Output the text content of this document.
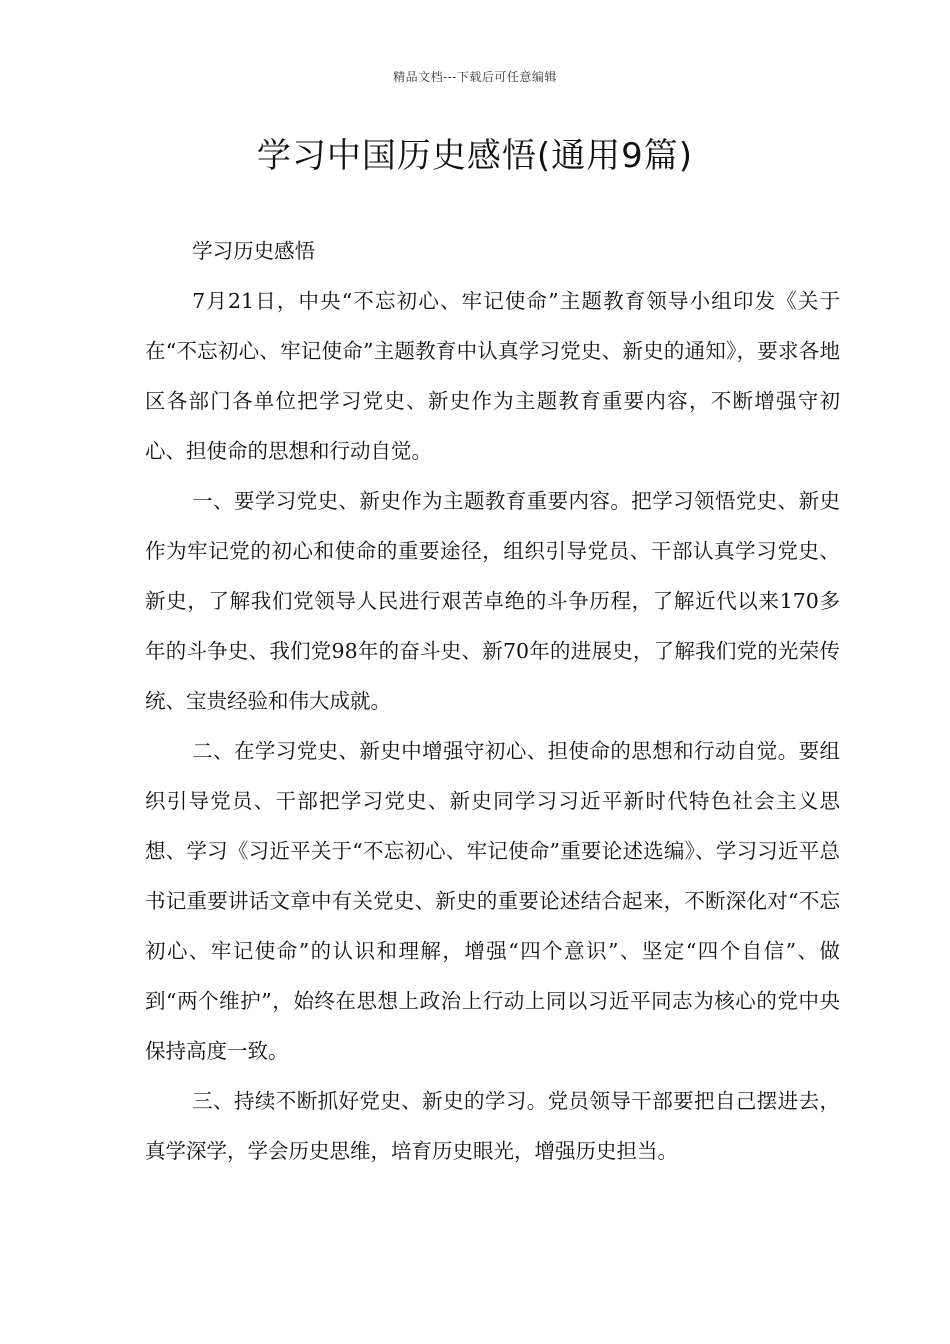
精品文档---下载后可任意编辑
学习中国历史感悟(通用9篇)

学习历史感悟

7月21日，中央“不忘初心、牢记使命”主题教育领导小组印发《关于在“不忘初心、牢记使命”主题教育中认真学习党史、新史的通知》，要求各地区各部门各单位把学习党史、新史作为主题教育重要内容，不断增强守初心、担使命的思想和行动自觉。

一、要学习党史、新史作为主题教育重要内容。把学习领悟党史、新史作为牢记党的初心和使命的重要途径，组织引导党员、干部认真学习党史、新史，了解我们党领导人民进行艰苦卓绝的斗争历程，了解近代以来170多年的斗争史、我们党98年的奋斗史、新70年的进展史，了解我们党的光荣传统、宝贵经验和伟大成就。

二、在学习党史、新史中增强守初心、担使命的思想和行动自觉。要组织引导党员、干部把学习党史、新史同学习习近平新时代特色社会主义思想、学习《习近平关于“不忘初心、牢记使命”重要论述选编》、学习习近平总书记重要讲话文章中有关党史、新史的重要论述结合起来，不断深化对“不忘初心、牢记使命”的认识和理解，增强“四个意识”、坚定“四个自信”、做到“两个维护”，始终在思想上政治上行动上同以习近平同志为核心的党中央保持高度一致。

三、持续不断抓好党史、新史的学习。党员领导干部要把自己摆进去，真学深学，学会历史思维，培育历史眼光，增强历史担当。
